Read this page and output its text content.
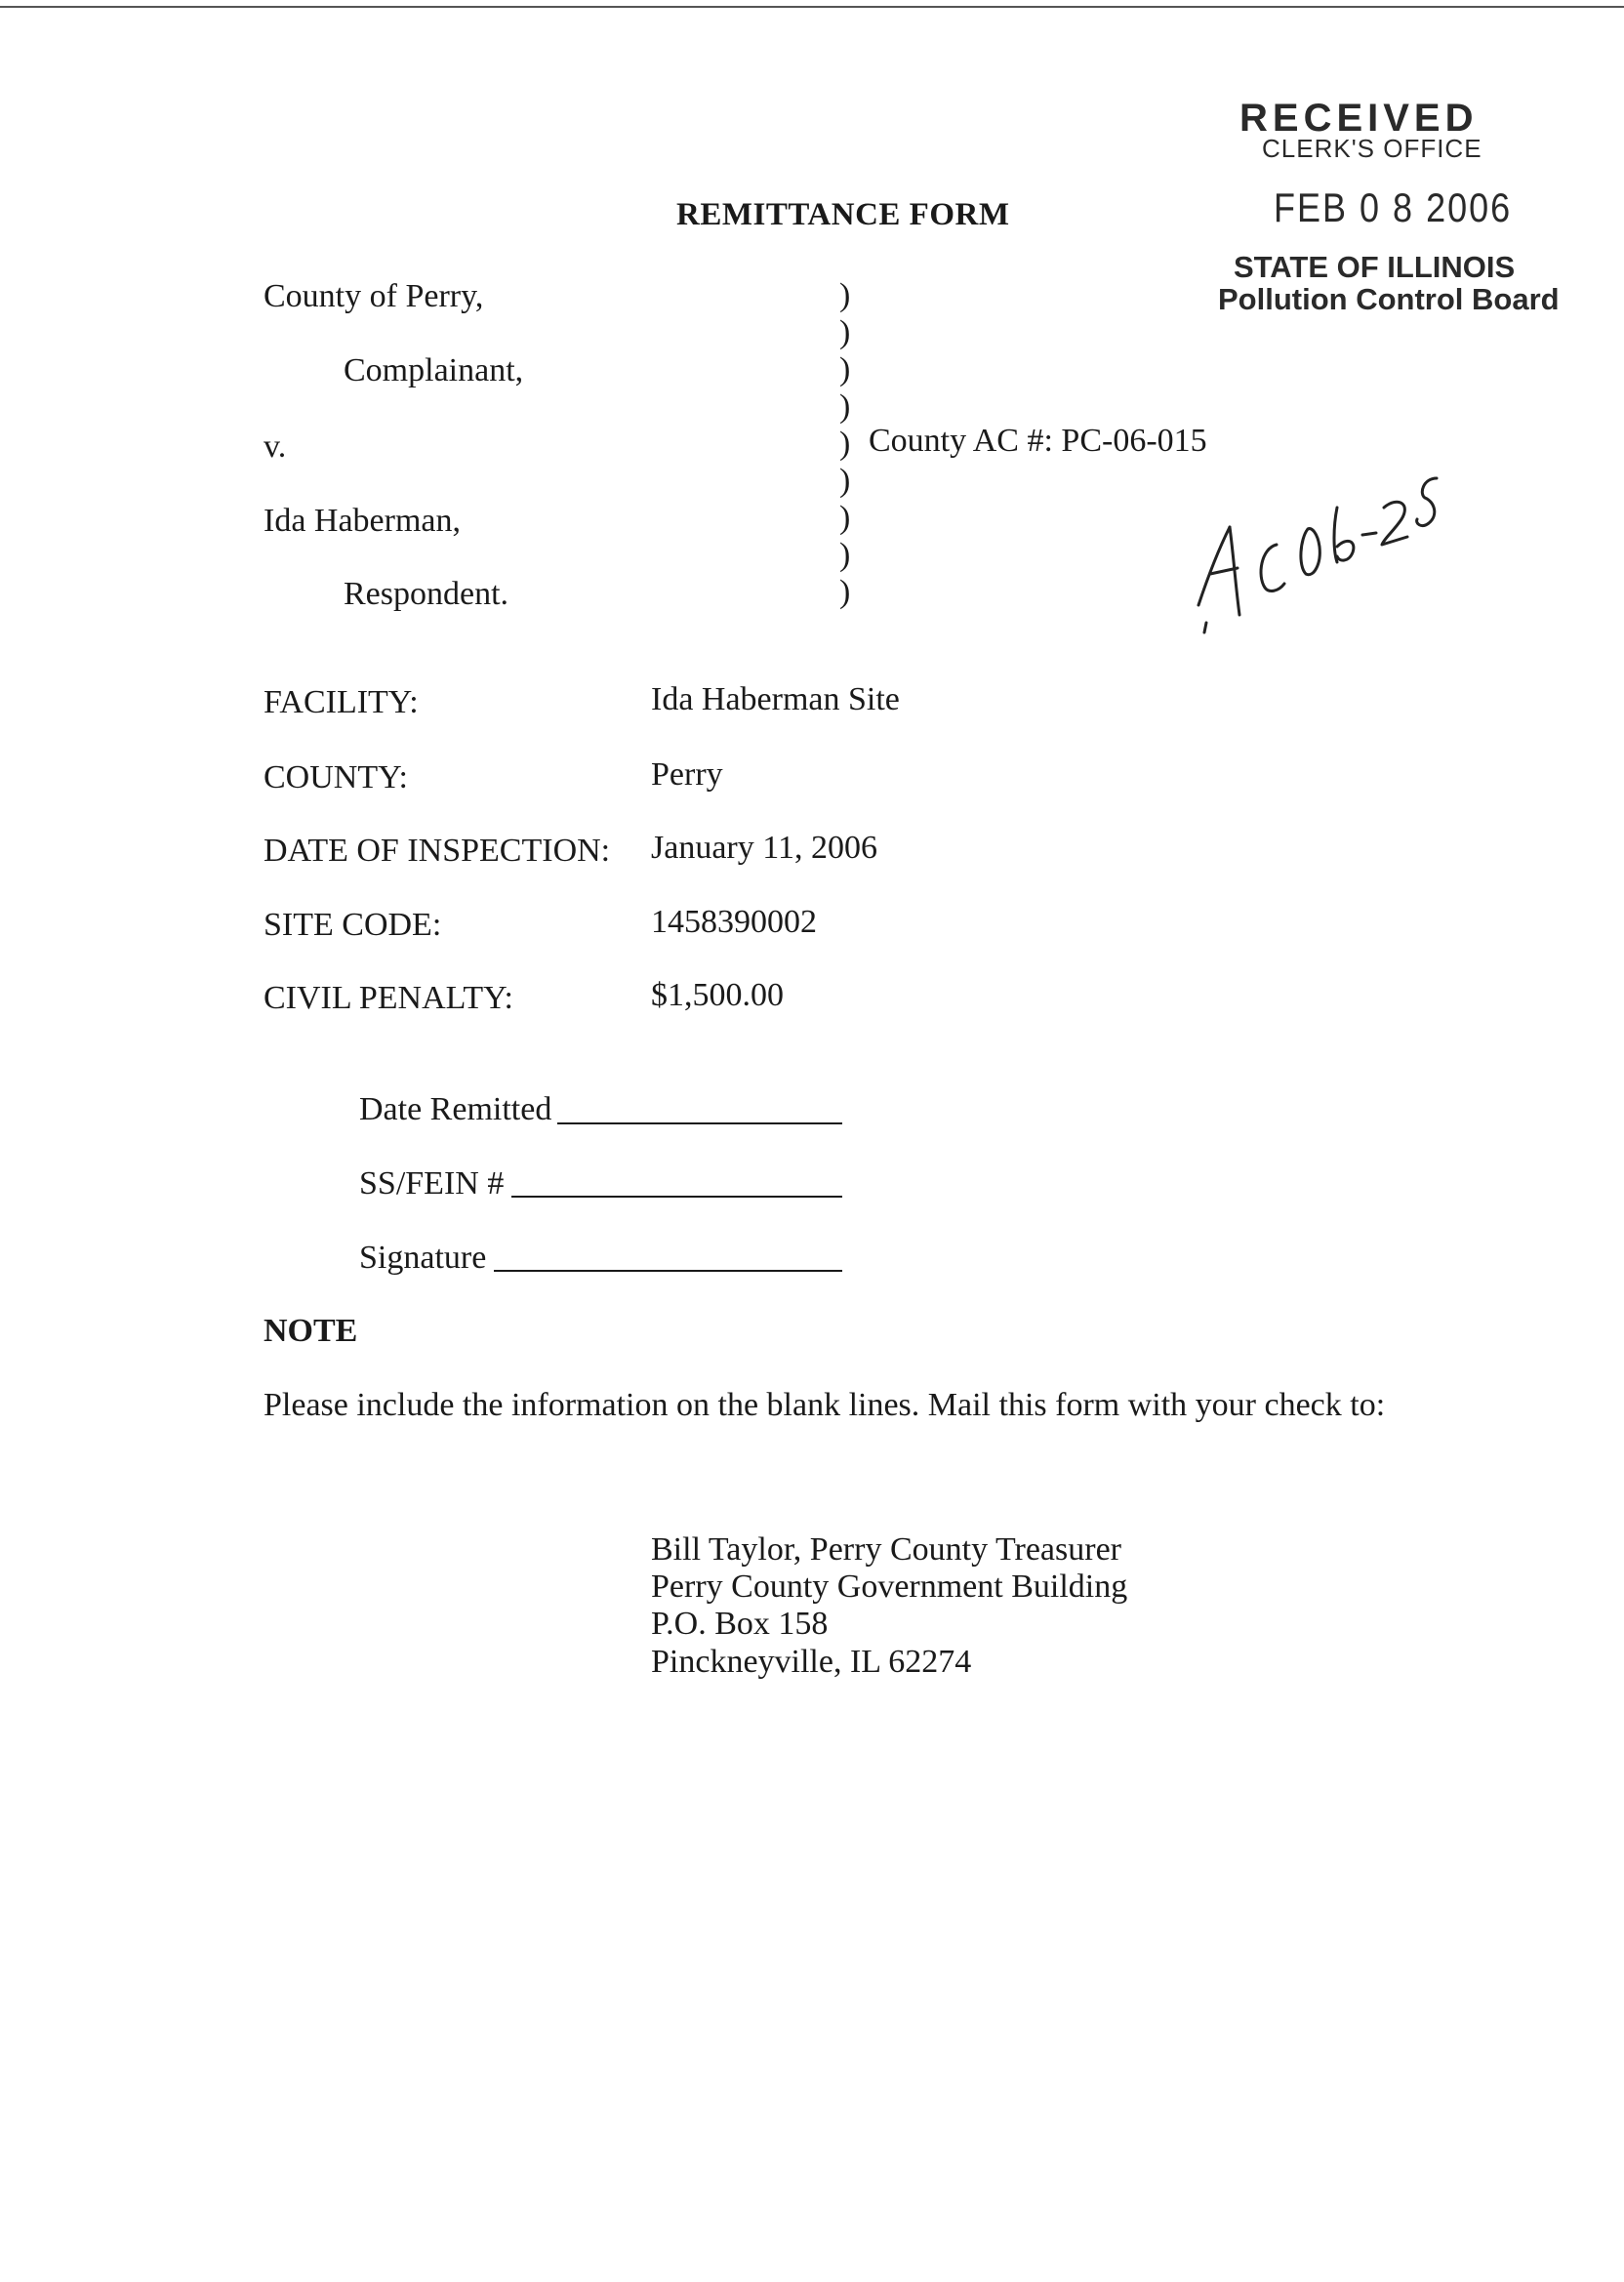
RECEIVED
CLERK'S OFFICE
FEB 0 8 2006
STATE OF ILLINOIS
Pollution Control Board
REMITTANCE FORM
County of Perry,
Complainant,
v.
Ida Haberman,
Respondent.
)
)
)
)
)
)
)
)
)
County AC #: PC-06-015
FACILITY:	Ida Haberman Site
COUNTY:	Perry
DATE OF INSPECTION: January 11, 2006
SITE CODE:	1458390002
CIVIL PENALTY:	$1,500.00
Date Remitted
SS/FEIN #
Signature
NOTE
Please include the information on the blank lines. Mail this form with your check to:
Bill Taylor, Perry County Treasurer
Perry County Government Building
P.O. Box 158
Pinckneyville, IL 62274
